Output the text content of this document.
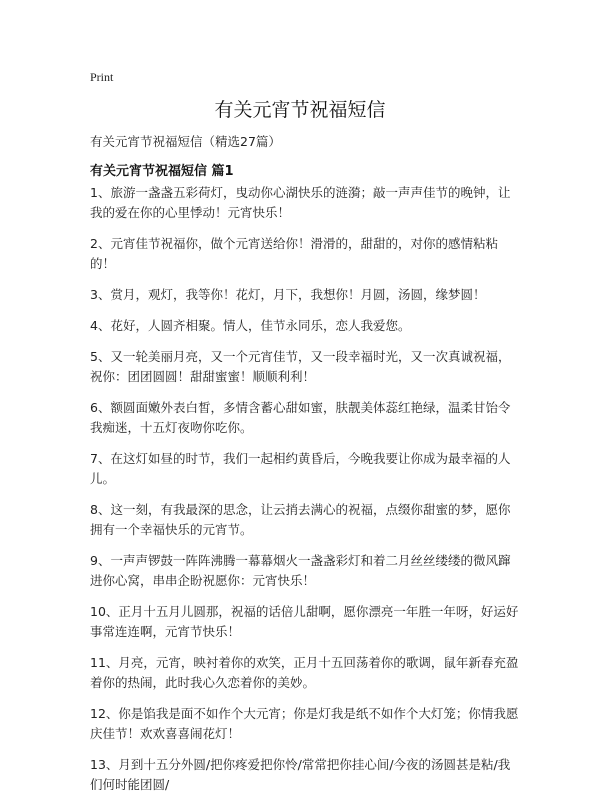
Print
有关元宵节祝福短信
有关元宵节祝福短信（精选27篇）
有关元宵节祝福短信 篇1

1、旅游一盏盏五彩荷灯，曳动你心湖快乐的涟漪；敲一声声佳节的晚钟，让我的爱在你的心里悸动！元宵快乐！

2、元宵佳节祝福你，做个元宵送给你！滑滑的，甜甜的，对你的感情粘粘的！

3、赏月，观灯，我等你！花灯，月下，我想你！月圆，汤圆，缘梦圆！

4、花好，人圆齐相聚。情人，佳节永同乐，恋人我爱您。

5、又一轮美丽月亮，又一个元宵佳节，又一段幸福时光，又一次真诚祝福，祝你：团团圆圆！甜甜蜜蜜！顺顺利利！

6、额圆面嫩外表白皙，多情含蓄心甜如蜜，肤靓美体蕊红艳绿，温柔甘饴令我痴迷，十五灯夜吻你吃你。

7、在这灯如昼的时节，我们一起相约黄昏后，今晚我要让你成为最幸福的人儿。

8、这一刻，有我最深的思念，让云捎去满心的祝福，点缀你甜蜜的梦，愿你拥有一个幸福快乐的元宵节。

9、一声声锣鼓一阵阵沸腾一幕幕烟火一盏盏彩灯和着二月丝丝缕缕的微风蹿进你心窝，串串企盼祝愿你：元宵快乐！

10、正月十五月儿圆那，祝福的话倍儿甜啊，愿你漂亮一年胜一年呀，好运好事常连连啊，元宵节快乐！

11、月亮，元宵，映衬着你的欢笑，正月十五回荡着你的歌调，鼠年新春充盈着你的热闹，此时我心久恋着你的美妙。

12、你是馅我是面不如作个大元宵；你是灯我是纸不如作个大灯笼；你情我愿庆佳节！欢欢喜喜闹花灯！

13、月到十五分外圆/把你疼爱把你怜/常常把你挂心间/今夜的汤圆甚是粘/我们何时能团圆/
